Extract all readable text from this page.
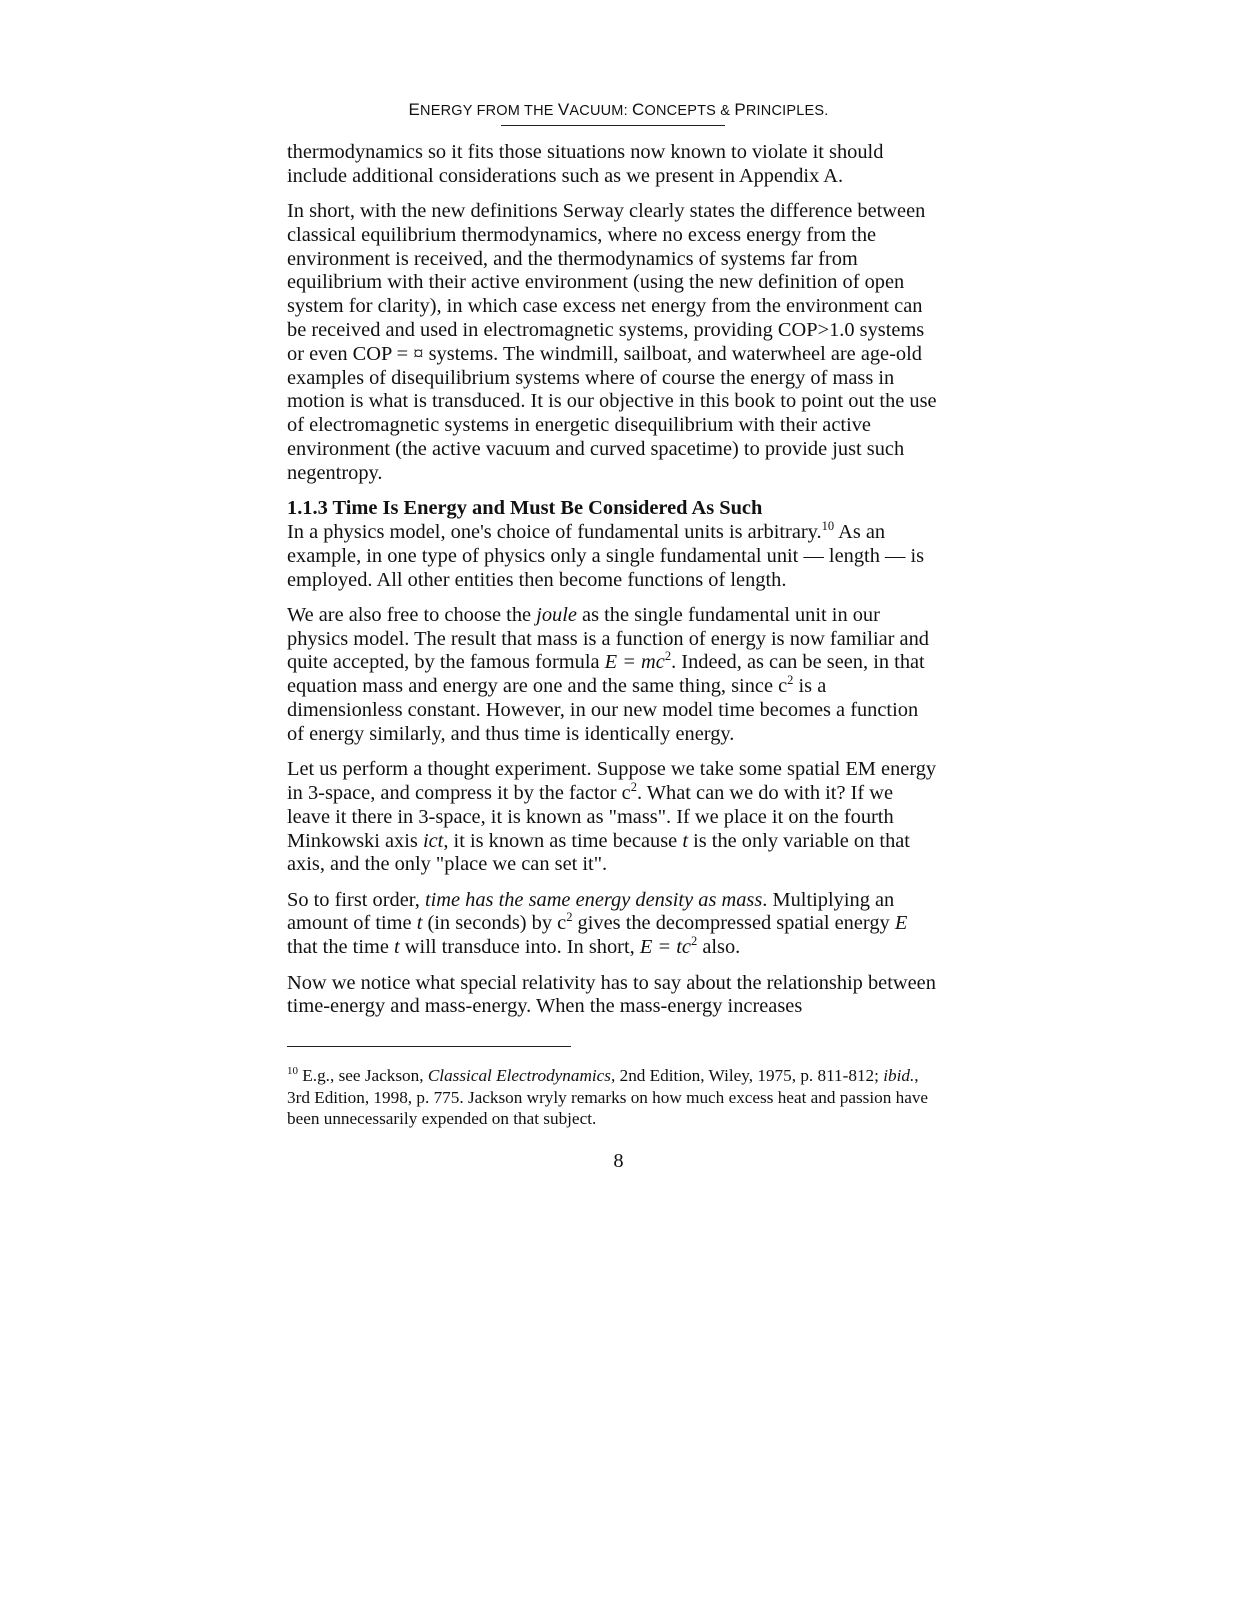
ENERGY FROM THE VACUUM: CONCEPTS & PRINCIPLES.

thermodynamics so it fits those situations now known to violate it should include additional considerations such as we present in Appendix A.

In short, with the new definitions Serway clearly states the difference between classical equilibrium thermodynamics, where no excess energy from the environment is received, and the thermodynamics of systems far from equilibrium with their active environment (using the new definition of open system for clarity), in which case excess net energy from the environment can be received and used in electromagnetic systems, providing COP>1.0 systems or even COP = ¤ systems. The windmill, sailboat, and waterwheel are age-old examples of disequilibrium systems where of course the energy of mass in motion is what is transduced. It is our objective in this book to point out the use of electromagnetic systems in energetic disequilibrium with their active environment (the active vacuum and curved spacetime) to provide just such negentropy.

1.1.3 Time Is Energy and Must Be Considered As Such

In a physics model, one's choice of fundamental units is arbitrary.$^{10}$ As an example, in one type of physics only a single fundamental unit — length — is employed. All other entities then become functions of length.

We are also free to choose the joule as the single fundamental unit in our physics model. The result that mass is a function of energy is now familiar and quite accepted, by the famous formula $E = mc^2$. Indeed, as can be seen, in that equation mass and energy are one and the same thing, since $c^2$ is a dimensionless constant. However, in our new model time becomes a function of energy similarly, and thus time is identically energy.

Let us perform a thought experiment. Suppose we take some spatial EM energy in 3-space, and compress it by the factor $c^2$. What can we do with it? If we leave it there in 3-space, it is known as "mass". If we place it on the fourth Minkowski axis ict, it is known as time because t is the only variable on that axis, and the only "place we can set it".

So to first order, time has the same energy density as mass. Multiplying an amount of time t (in seconds) by $c^2$ gives the decompressed spatial energy E that the time t will transduce into. In short, $E = tc^2$ also.

Now we notice what special relativity has to say about the relationship between time-energy and mass-energy. When the mass-energy increases

$^{10}$ E.g., see Jackson, Classical Electrodynamics, 2nd Edition, Wiley, 1975, p. 811-812; ibid., 3rd Edition, 1998, p. 775. Jackson wryly remarks on how much excess heat and passion have been unnecessarily expended on that subject.
8
